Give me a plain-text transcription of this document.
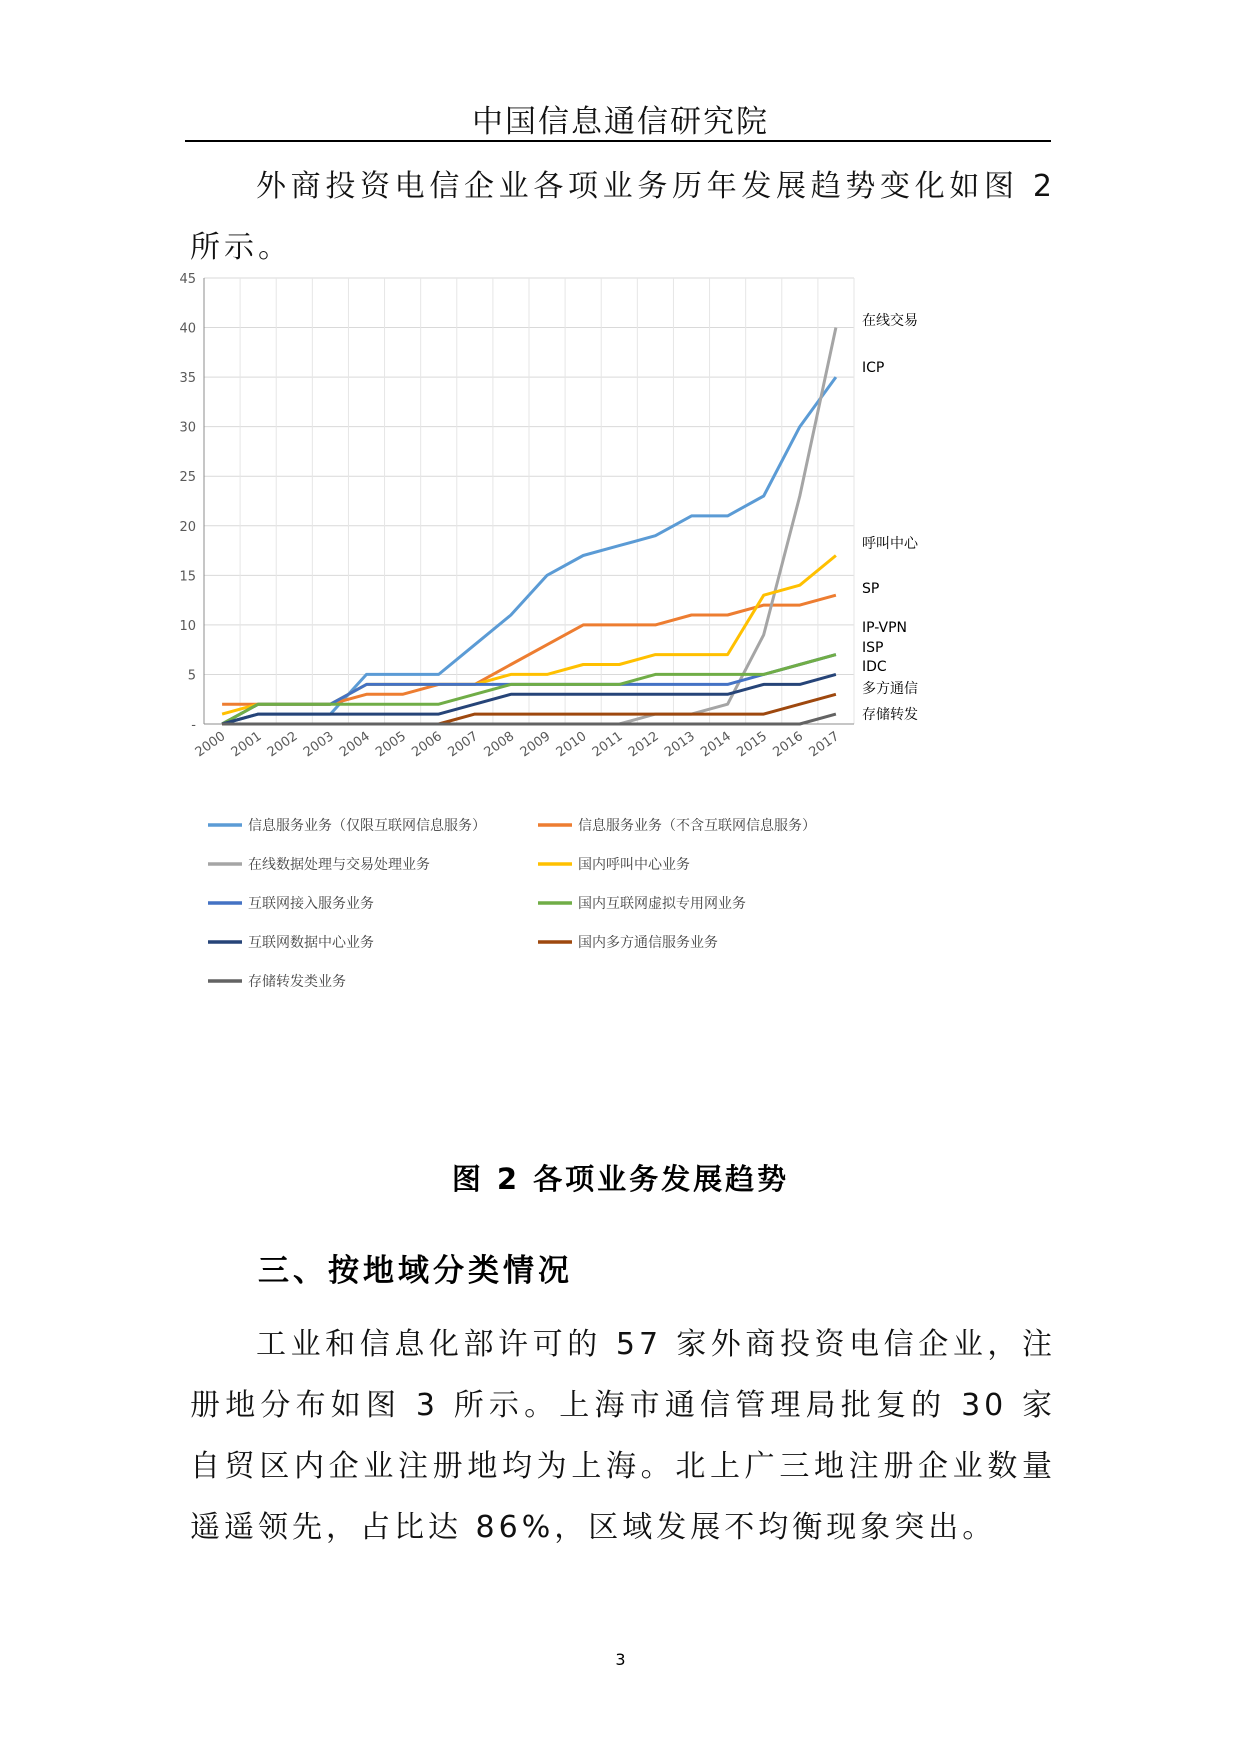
中国信息通信研究院
外商投资电信企业各项业务历年发展趋势变化如图 2 所示。
-
5
10
15
20
25
30
35
40
45
2000 2001 2002 2003 2004 2005 2006 2007 2008 2009 2010 2011 2012 2013 2014 2015 2016 2017
在线交易
ICP
呼叫中心
SP
IP-VPN
ISP
IDC
多方通信
存储转发
信息服务业务（仅限互联网信息服务）	信息服务业务（不含互联网信息服务）
在线数据处理与交易处理业务	国内呼叫中心业务
互联网接入服务业务	国内互联网虚拟专用网业务
互联网数据中心业务	国内多方通信服务业务
存储转发类业务
图 2 各项业务发展趋势
三、按地域分类情况
工业和信息化部许可的 57 家外商投资电信企业，注册地分布如图 3 所示。上海市通信管理局批复的 30 家自贸区内企业注册地均为上海。北上广三地注册企业数量遥遥领先，占比达 86%，区域发展不均衡现象突出。
3
